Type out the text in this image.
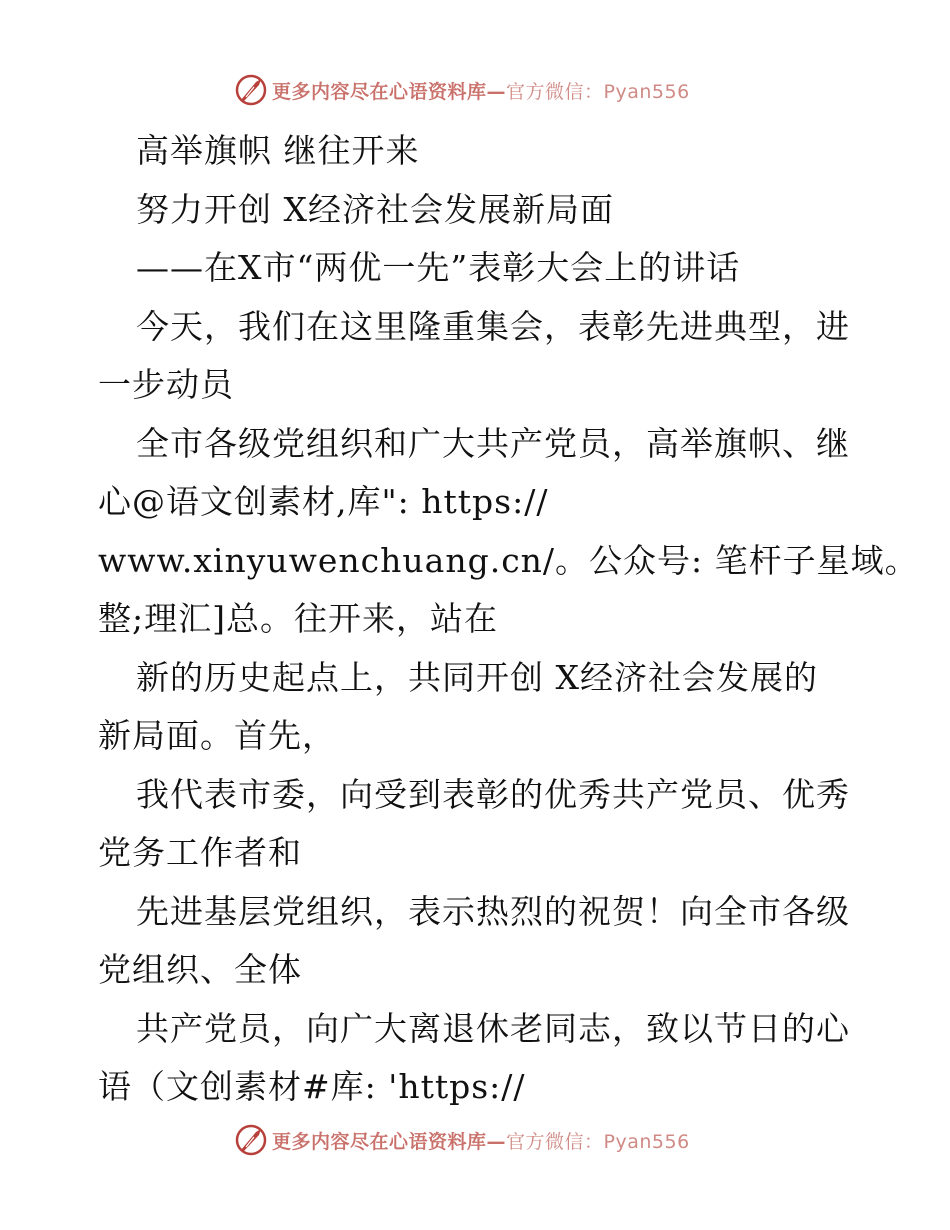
更多内容尽在心语资料库—官方微信：Pyan556
高举旗帜 继往开来
努力开创 X经济社会发展新局面
——在X市“两优一先”表彰大会上的讲话
今天，我们在这里隆重集会，表彰先进典型，进
一步动员
全市各级党组织和广大共产党员，高举旗帜、继
心@语文创素材,库": https://
www.xinyuwenchuang.cn/。公众号: 笔杆子星域。
整;理汇]总。往开来，站在
新的历史起点上，共同开创 X经济社会发展的
新局面。首先，
我代表市委，向受到表彰的优秀共产党员、优秀
党务工作者和
先进基层党组织，表示热烈的祝贺！向全市各级
党组织、全体
共产党员，向广大离退休老同志，致以节日的心
语（文创素材#库: 'https://
更多内容尽在心语资料库—官方微信：Pyan556
